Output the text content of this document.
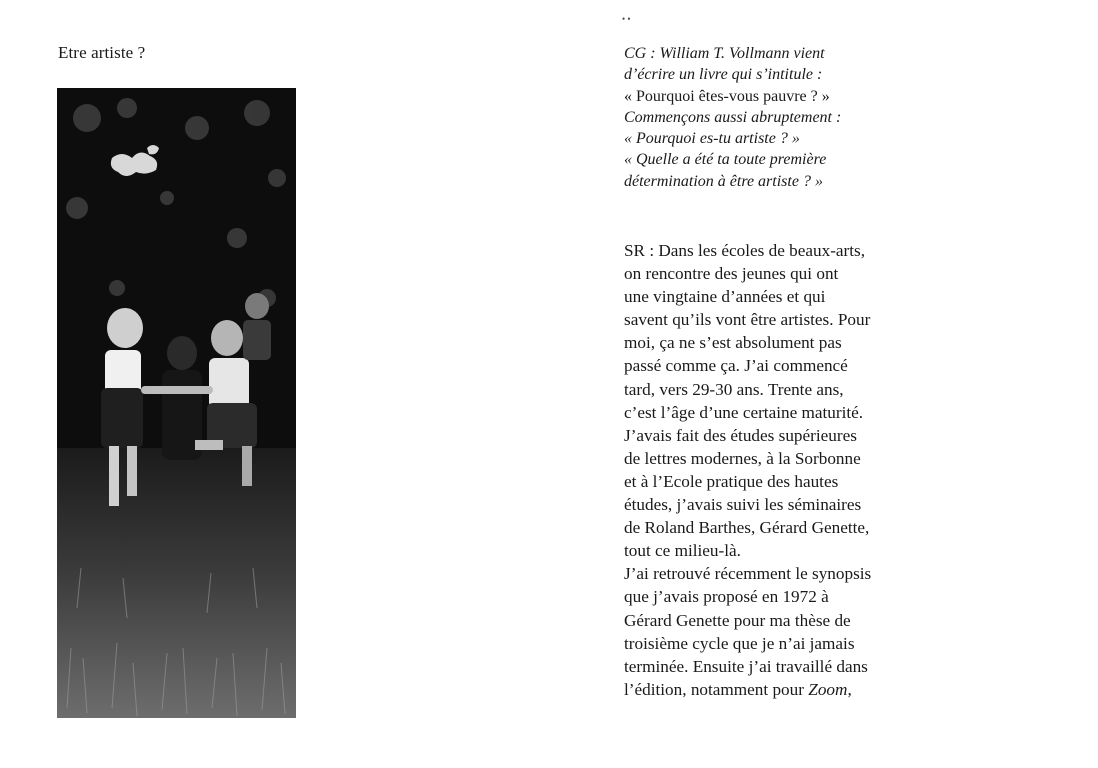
Etre artiste ?
• •
CG : William T. Vollmann vient
d’écrire un livre qui s’intitule :
« Pourquoi êtes-vous pauvre ? »
Commençons aussi abruptement :
« Pourquoi es-tu artiste ? »
« Quelle a été ta toute première
détermination à être artiste ? »
SR : Dans les écoles de beaux-arts,
on rencontre des jeunes qui ont
une vingtaine d’années et qui
savent qu’ils vont être artistes. Pour
moi, ça ne s’est absolument pas
passé comme ça. J’ai commencé
tard, vers 29-30 ans. Trente ans,
c’est l’âge d’une certaine maturité.
J’avais fait des études supérieures
de lettres modernes, à la Sorbonne
et à l’Ecole pratique des hautes
études, j’avais suivi les séminaires
de Roland Barthes, Gérard Genette,
tout ce milieu-là.
J’ai retrouvé récemment le synopsis
que j’avais proposé en 1972 à
Gérard Genette pour ma thèse de
troisième cycle que je n’ai jamais
terminée. Ensuite j’ai travaillé dans
l’édition, notamment pour Zoom,
